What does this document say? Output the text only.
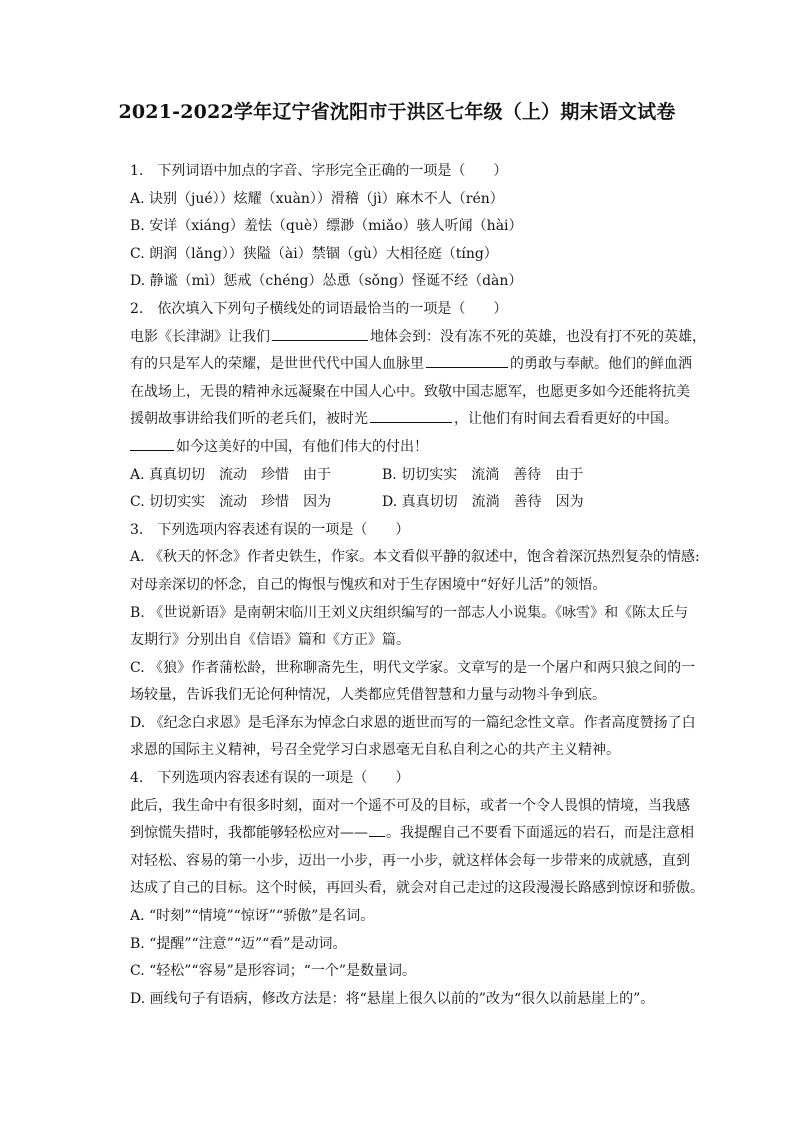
2021-2022学年辽宁省沈阳市于洪区七年级（上）期末语文试卷
1.　下列词语中加点的字音、字形完全正确的一项是（　　）
A. 诀别（jué））炫耀（xuàn））滑稽（jì）麻木不人（rén）
B. 安详（xiáng）羞怯（què）缥渺（miǎo）骇人听闻（hài）
C. 朗润（lǎng））狭隘（ài）禁锢（gù）大相径庭（tíng）
D. 静谧（mì）惩戒（chéng）怂恿（sǒng）怪诞不经（dàn）
2.　依次填入下列句子横线处的词语最恰当的一项是（　　）
电影《长津湖》让我们	地体会到：没有冻不死的英雄，也没有打不死的英雄，
有的只是军人的荣耀，是世世代代中国人血脉里	的勇敢与奉献。他们的鲜血洒
在战场上，无畏的精神永远凝聚在中国人心中。致敬中国志愿军，也愿更多如今还能将抗美
援朝故事讲给我们听的老兵们，被时光	，让他们有时间去看看更好的中国。
如今这美好的中国，有他们伟大的付出！
A. 真真切切　流动　珍惜　由于	B. 切切实实　流淌　善待　由于
C. 切切实实　流动　珍惜　因为	D. 真真切切　流淌　善待　因为
3.　下列选项内容表述有误的一项是（　　）
A. 《秋天的怀念》作者史铁生，作家。本文看似平静的叙述中，饱含着深沉热烈复杂的情感:
对母亲深切的怀念，自己的悔恨与愧疚和对于生存困境中“好好儿活”的领悟。
B. 《世说新语》是南朝宋临川王刘义庆组织编写的一部志人小说集。《咏雪》和《陈太丘与
友期行》分别出自《信语》篇和《方正》篇。
C. 《狼》作者蒲松龄，世称聊斋先生，明代文学家。文章写的是一个屠户和两只狼之间的一
场较量，告诉我们无论何种情况，人类都应凭借智慧和力量与动物斗争到底。
D. 《纪念白求恩》是毛泽东为悼念白求恩的逝世而写的一篇纪念性文章。作者高度赞扬了白
求恩的国际主义精神，号召全党学习白求恩毫无自私自利之心的共产主义精神。
4.　下列选项内容表述有误的一项是（　　）
此后，我生命中有很多时刻，面对一个遥不可及的目标，或者一个令人畏惧的情境，当我感
到惊慌失措时，我都能够轻松应对—— 。我提醒自己不要看下面遥远的岩石，而是注意相
对轻松、容易的第一小步，迈出一小步，再一小步，就这样体会每一步带来的成就感，直到
达成了自己的目标。这个时候，再回头看，就会对自己走过的这段漫漫长路感到惊讶和骄傲。
A. “时刻”“情境”“惊讶”“骄傲”是名词。
B. “提醒”“注意”“迈”“看”是动词。
C. “轻松”“容易”是形容词；“一个”是数量词。
D. 画线句子有语病，修改方法是：将“悬崖上很久以前的”改为“很久以前悬崖上的”。
